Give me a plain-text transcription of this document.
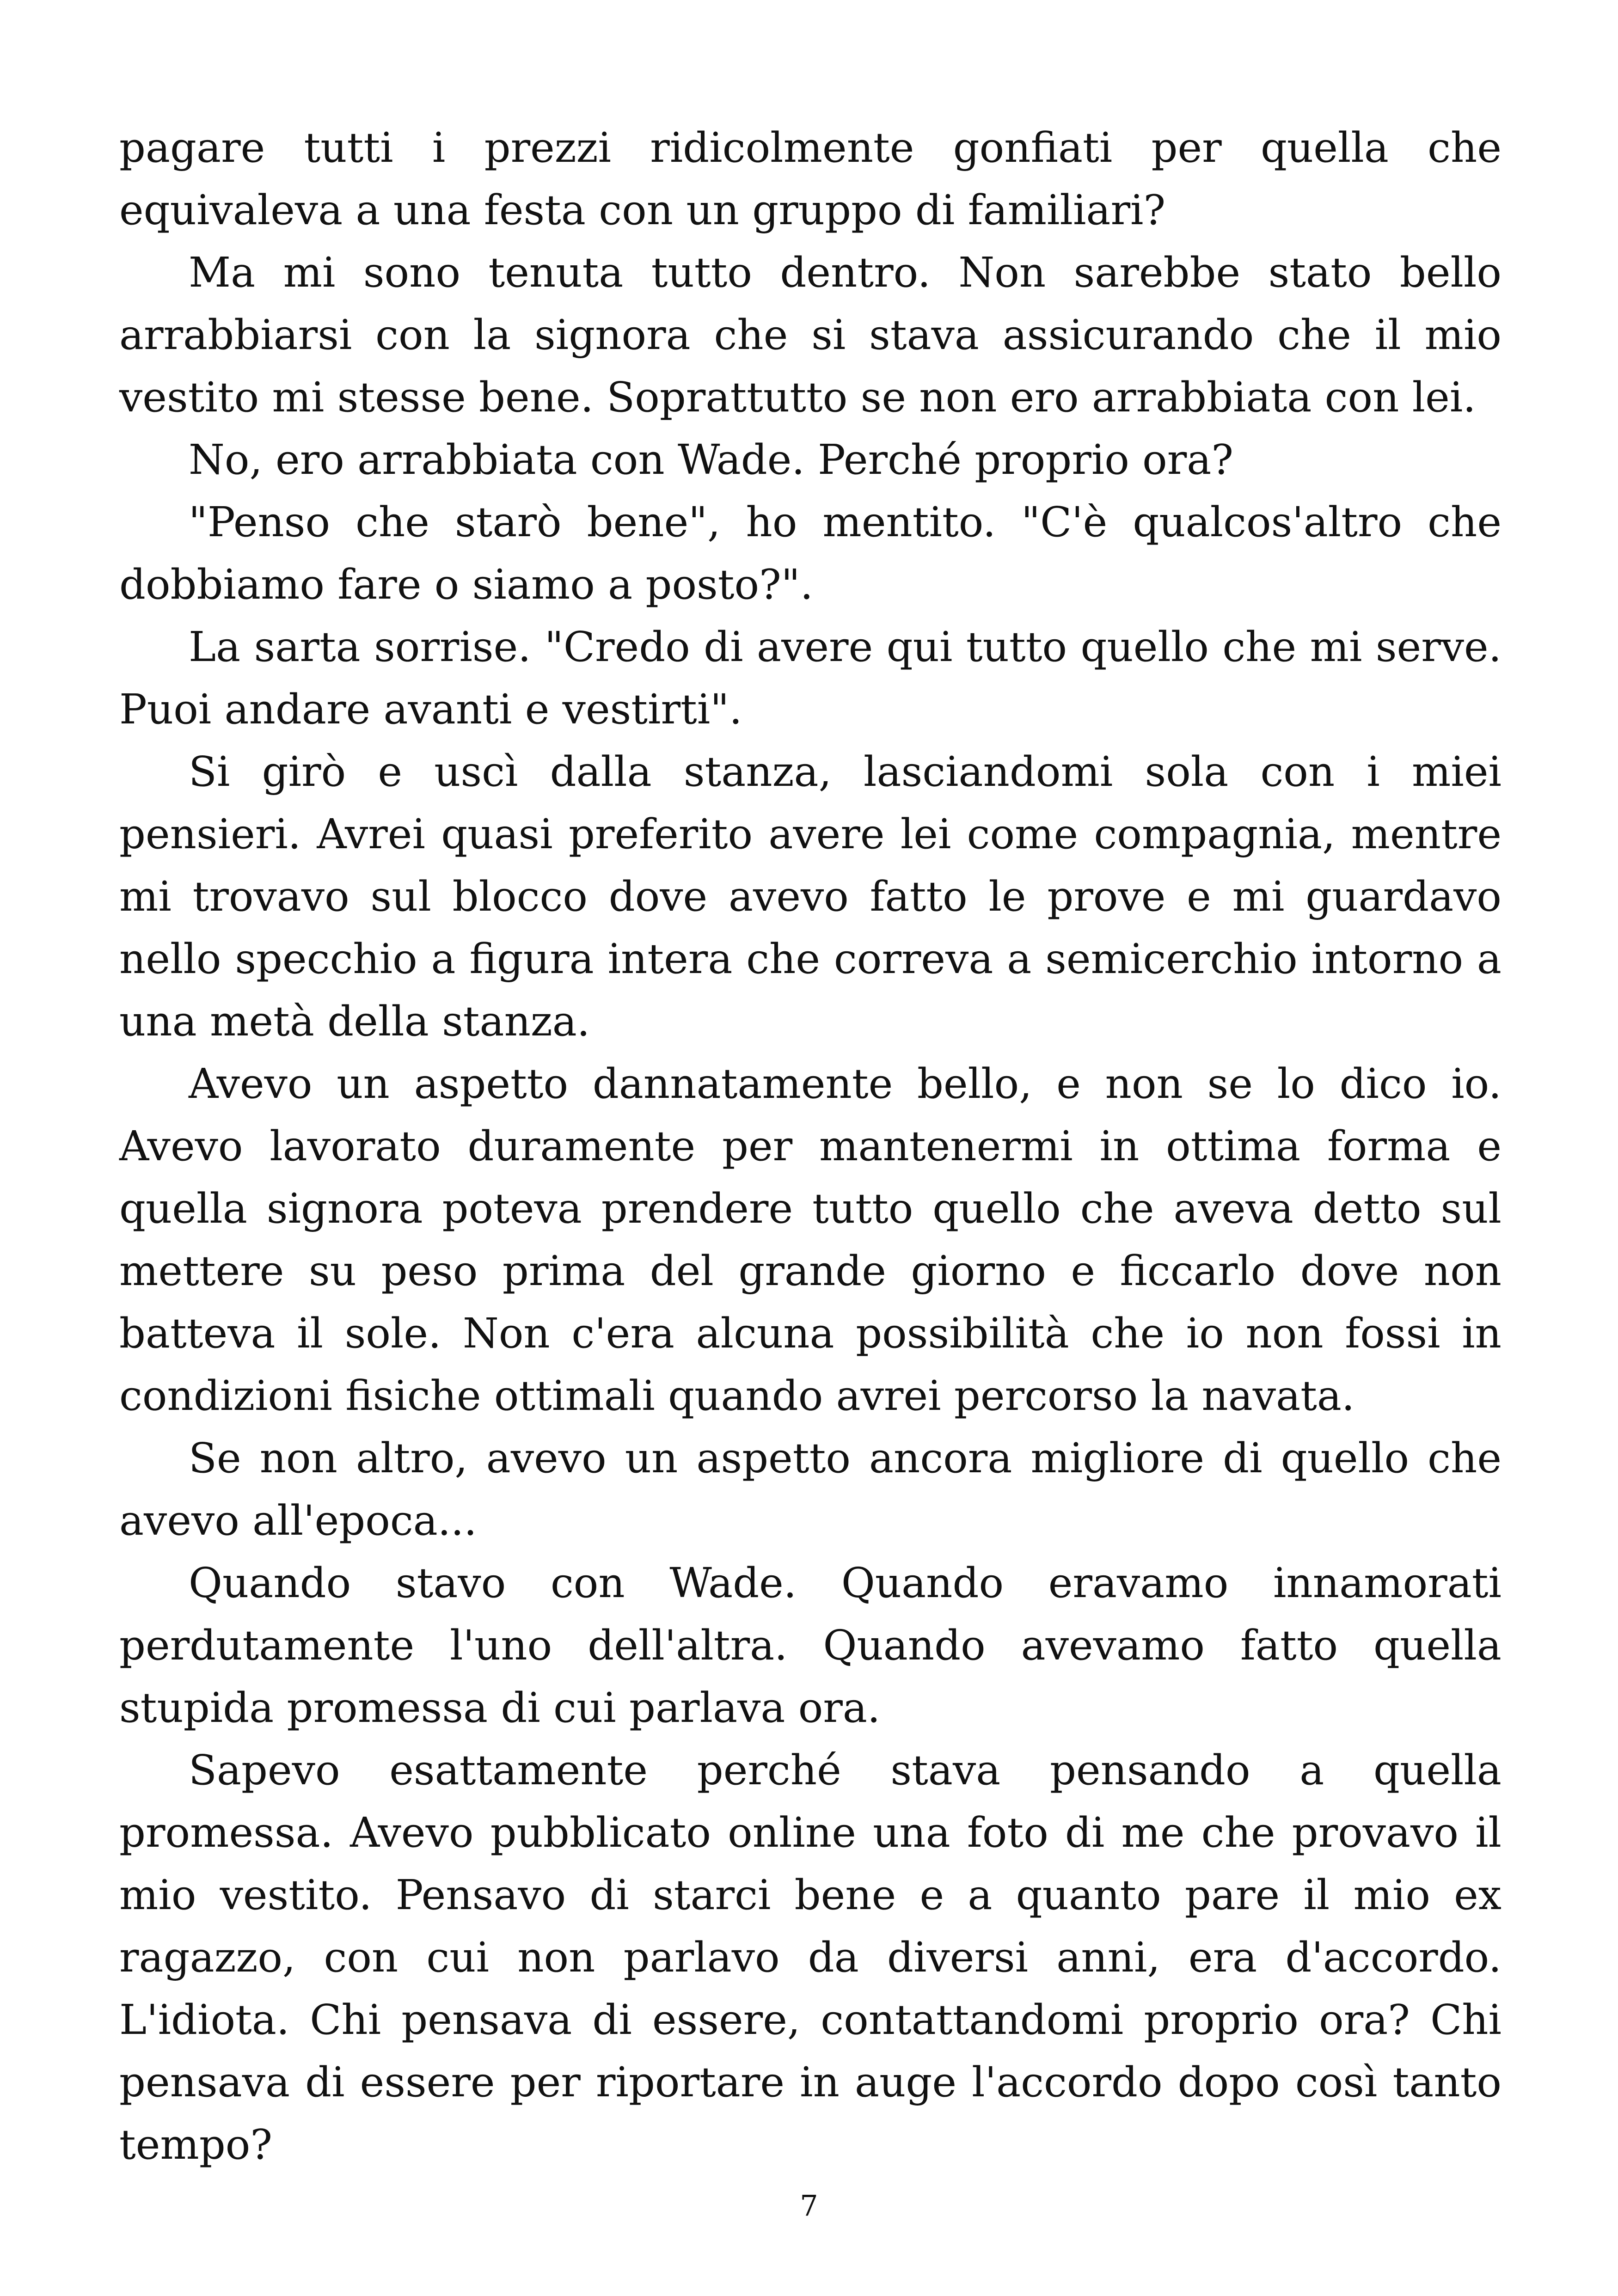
pagare tutti i prezzi ridicolmente gonfiati per quella che equivaleva a una festa con un gruppo di familiari?

Ma mi sono tenuta tutto dentro. Non sarebbe stato bello arrabbiarsi con la signora che si stava assicurando che il mio vestito mi stesse bene. Soprattutto se non ero arrabbiata con lei.

No, ero arrabbiata con Wade. Perché proprio ora?

"Penso che starò bene", ho mentito. "C'è qualcos'altro che dobbiamo fare o siamo a posto?".

La sarta sorrise. "Credo di avere qui tutto quello che mi serve. Puoi andare avanti e vestirti".

Si girò e uscì dalla stanza, lasciandomi sola con i miei pensieri. Avrei quasi preferito avere lei come compagnia, mentre mi trovavo sul blocco dove avevo fatto le prove e mi guardavo nello specchio a figura intera che correva a semicerchio intorno a una metà della stanza.

Avevo un aspetto dannatamente bello, e non se lo dico io. Avevo lavorato duramente per mantenermi in ottima forma e quella signora poteva prendere tutto quello che aveva detto sul mettere su peso prima del grande giorno e ficcarlo dove non batteva il sole. Non c'era alcuna possibilità che io non fossi in condizioni fisiche ottimali quando avrei percorso la navata.

Se non altro, avevo un aspetto ancora migliore di quello che avevo all'epoca...

Quando stavo con Wade. Quando eravamo innamorati perdutamente l'uno dell'altra. Quando avevamo fatto quella stupida promessa di cui parlava ora.

Sapevo esattamente perché stava pensando a quella promessa. Avevo pubblicato online una foto di me che provavo il mio vestito. Pensavo di starci bene e a quanto pare il mio ex ragazzo, con cui non parlavo da diversi anni, era d'accordo. L'idiota. Chi pensava di essere, contattandomi proprio ora? Chi pensava di essere per riportare in auge l'accordo dopo così tanto tempo?

7
